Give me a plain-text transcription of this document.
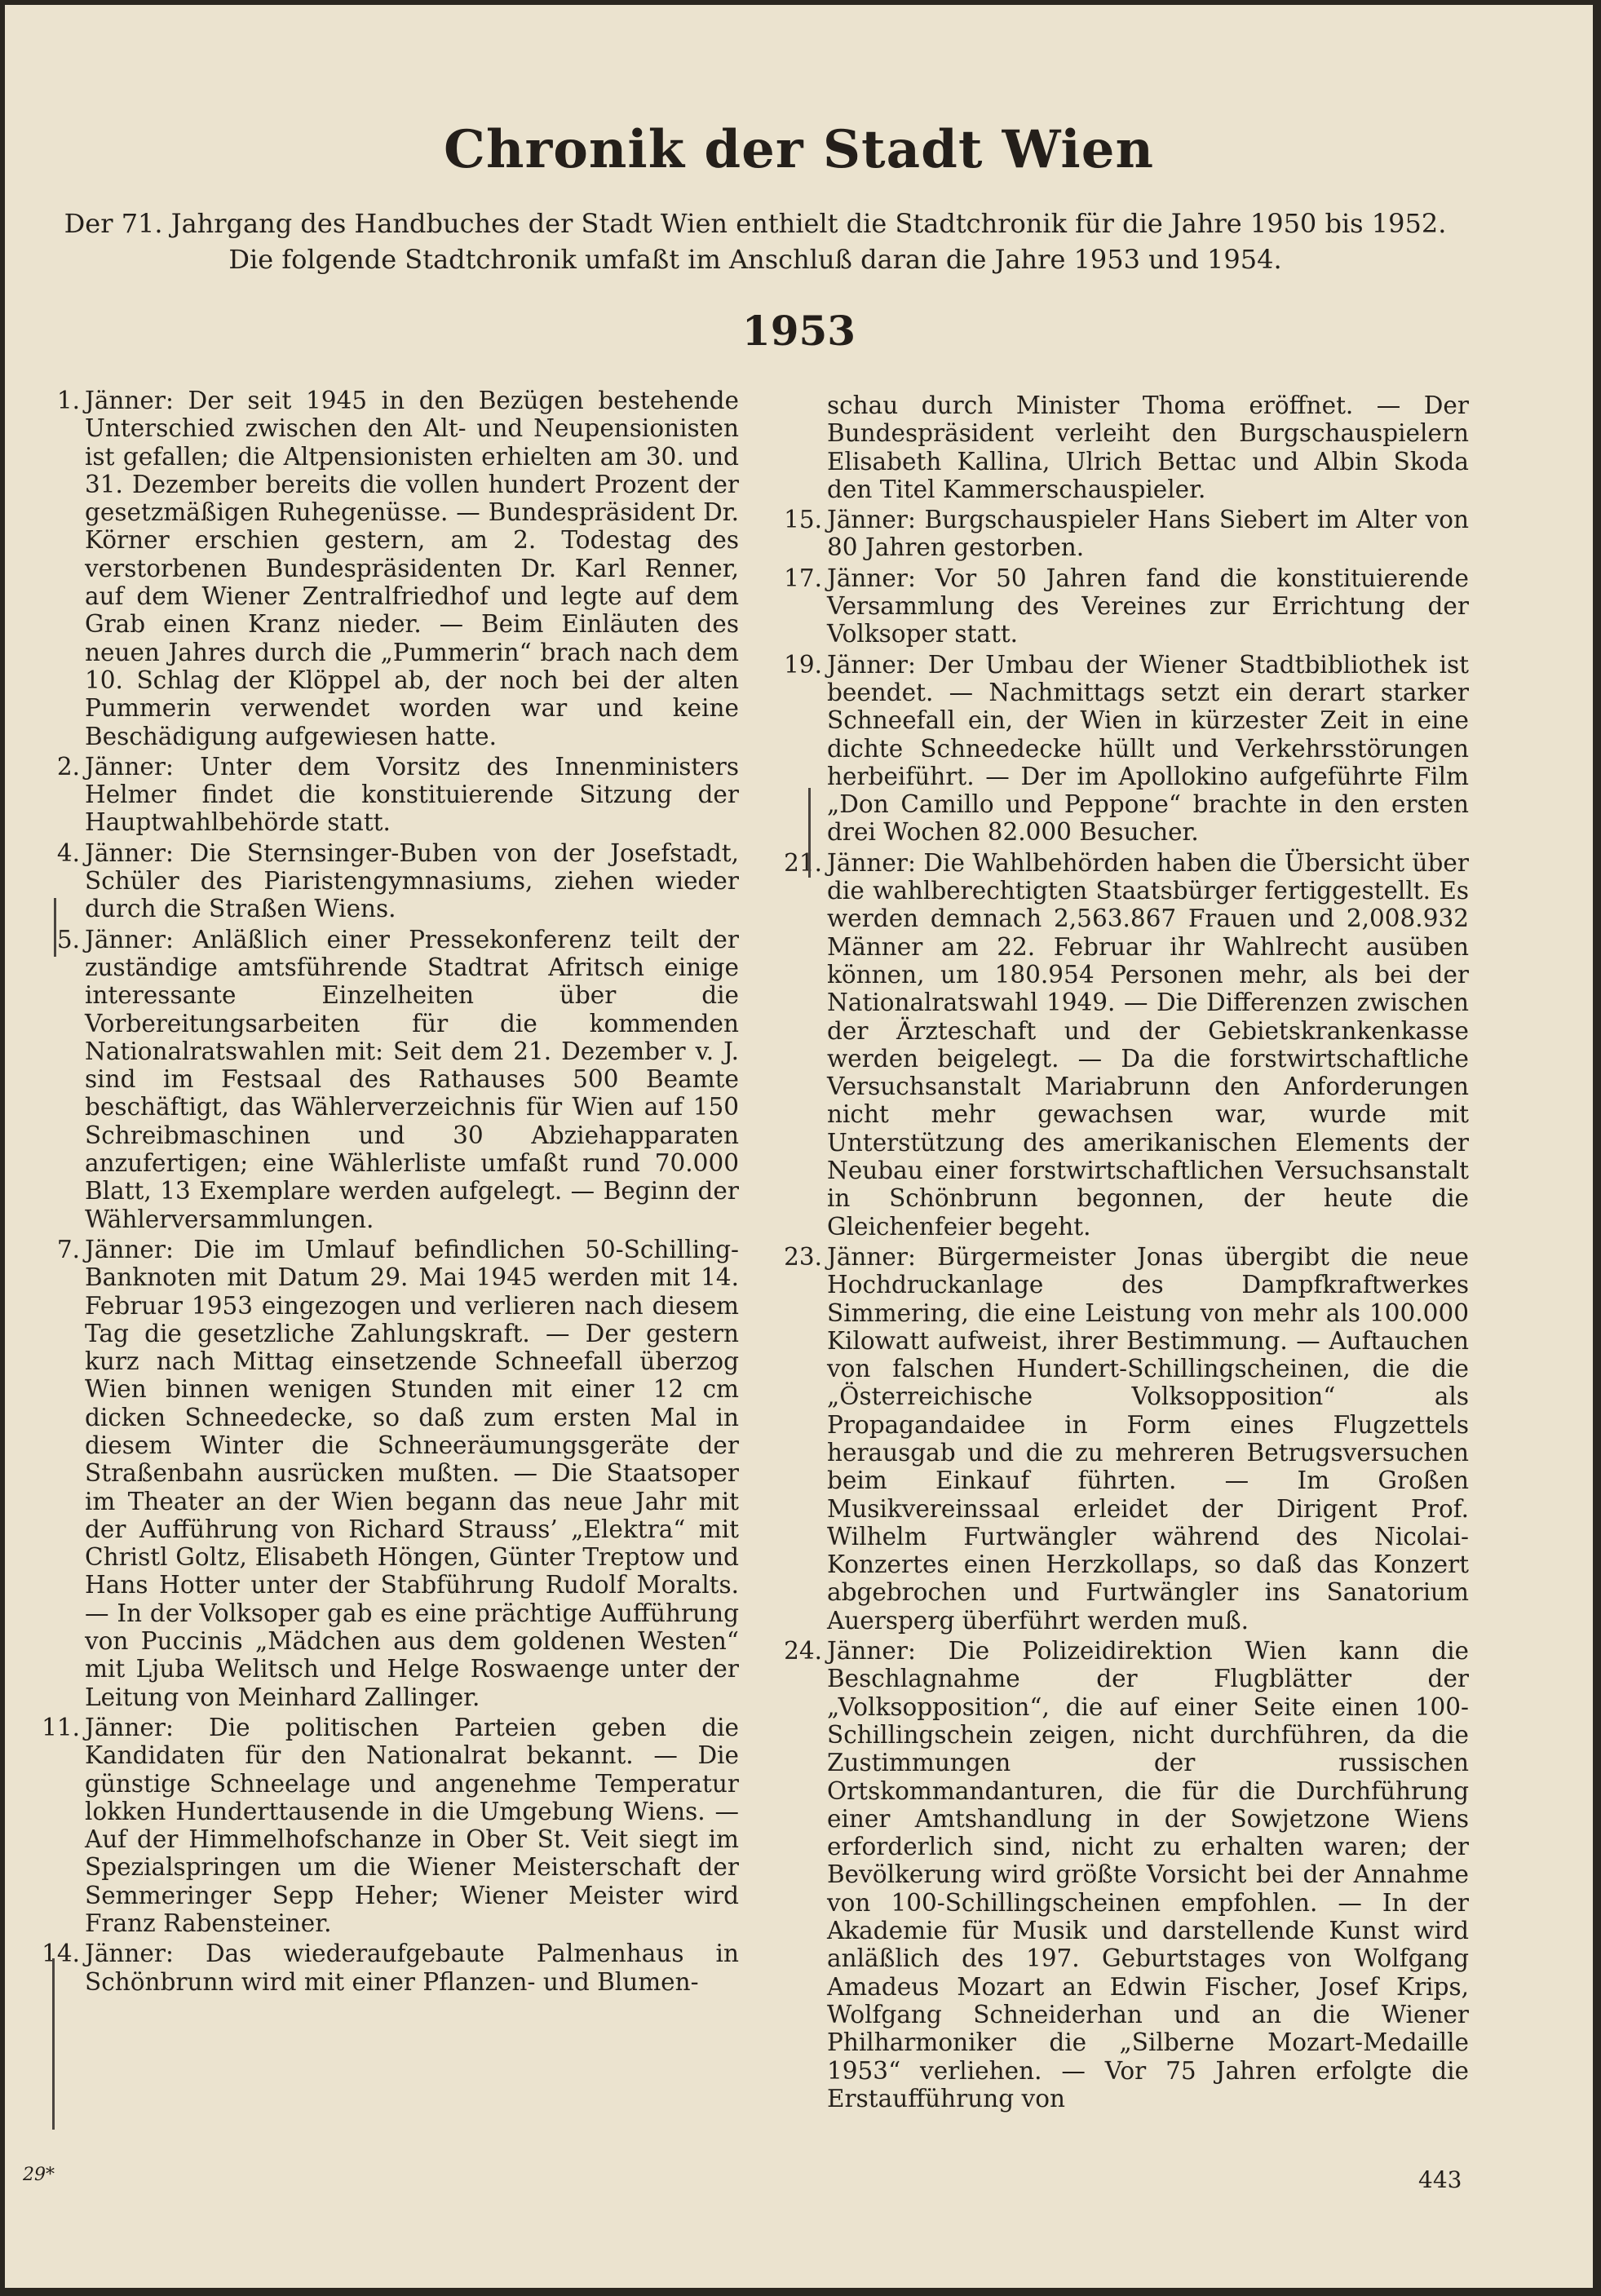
Chronik der Stadt Wien
Der 71. Jahrgang des Handbuches der Stadt Wien enthielt die Stadtchronik für die Jahre 1950 bis 1952. Die folgende Stadtchronik umfaßt im Anschluß daran die Jahre 1953 und 1954.
1953
1. Jänner: Der seit 1945 in den Bezügen bestehende Unterschied zwischen den Alt- und Neupensionisten ist gefallen; die Altpensionisten erhielten am 30. und 31. Dezember bereits die vollen hundert Prozent der gesetzmäßigen Ruhegenüsse. — Bundespräsident Dr. Körner erschien gestern, am 2. Todestag des verstorbenen Bundespräsidenten Dr. Karl Renner, auf dem Wiener Zentralfriedhof und legte auf dem Grab einen Kranz nieder. — Beim Einläuten des neuen Jahres durch die „Pummerin“ brach nach dem 10. Schlag der Klöppel ab, der noch bei der alten Pummerin verwendet worden war und keine Beschädigung aufgewiesen hatte.
2. Jänner: Unter dem Vorsitz des Innenministers Helmer findet die konstituierende Sitzung der Hauptwahlbehörde statt.
4. Jänner: Die Sternsinger-Buben von der Josefstadt, Schüler des Piaristengymnasiums, ziehen wieder durch die Straßen Wiens.
5. Jänner: Anläßlich einer Pressekonferenz teilt der zuständige amtsführende Stadtrat Afritsch einige interessante Einzelheiten über die Vorbereitungsarbeiten für die kommenden Nationalratswahlen mit: Seit dem 21. Dezember v. J. sind im Festsaal des Rathauses 500 Beamte beschäftigt, das Wählerverzeichnis für Wien auf 150 Schreibmaschinen und 30 Abziehapparaten anzufertigen; eine Wählerliste umfaßt rund 70.000 Blatt, 13 Exemplare werden aufgelegt. — Beginn der Wählerversammlungen.
7. Jänner: Die im Umlauf befindlichen 50-Schilling-Banknoten mit Datum 29. Mai 1945 werden mit 14. Februar 1953 eingezogen und verlieren nach diesem Tag die gesetzliche Zahlungskraft. — Der gestern kurz nach Mittag einsetzende Schneefall überzog Wien binnen wenigen Stunden mit einer 12 cm dicken Schneedecke, so daß zum ersten Mal in diesem Winter die Schneeräumungsgeräte der Straßenbahn ausrücken mußten. — Die Staatsoper im Theater an der Wien begann das neue Jahr mit der Aufführung von Richard Strauss’ „Elektra“ mit Christl Goltz, Elisabeth Höngen, Günter Treptow und Hans Hotter unter der Stabführung Rudolf Moralts. — In der Volksoper gab es eine prächtige Aufführung von Puccinis „Mädchen aus dem goldenen Westen“ mit Ljuba Welitsch und Helge Roswaenge unter der Leitung von Meinhard Zallinger.
11. Jänner: Die politischen Parteien geben die Kandidaten für den Nationalrat bekannt. — Die günstige Schneelage und angenehme Temperatur lokken Hunderttausende in die Umgebung Wiens. — Auf der Himmelhofschanze in Ober St. Veit siegt im Spezialspringen um die Wiener Meisterschaft der Semmeringer Sepp Heher; Wiener Meister wird Franz Rabensteiner.
14. Jänner: Das wiederaufgebaute Palmenhaus in Schönbrunn wird mit einer Pflanzen- und Blumen-
schau durch Minister Thoma eröffnet. — Der Bundespräsident verleiht den Burgschauspielern Elisabeth Kallina, Ulrich Bettac und Albin Skoda den Titel Kammerschauspieler.
15. Jänner: Burgschauspieler Hans Siebert im Alter von 80 Jahren gestorben.
17. Jänner: Vor 50 Jahren fand die konstituierende Versammlung des Vereines zur Errichtung der Volksoper statt.
19. Jänner: Der Umbau der Wiener Stadtbibliothek ist beendet. — Nachmittags setzt ein derart starker Schneefall ein, der Wien in kürzester Zeit in eine dichte Schneedecke hüllt und Verkehrsstörungen herbeiführt. — Der im Apollokino aufgeführte Film „Don Camillo und Peppone“ brachte in den ersten drei Wochen 82.000 Besucher.
21. Jänner: Die Wahlbehörden haben die Übersicht über die wahlberechtigten Staatsbürger fertiggestellt. Es werden demnach 2,563.867 Frauen und 2,008.932 Männer am 22. Februar ihr Wahlrecht ausüben können, um 180.954 Personen mehr, als bei der Nationalratswahl 1949. — Die Differenzen zwischen der Ärzteschaft und der Gebietskrankenkasse werden beigelegt. — Da die forstwirtschaftliche Versuchsanstalt Mariabrunn den Anforderungen nicht mehr gewachsen war, wurde mit Unterstützung des amerikanischen Elements der Neubau einer forstwirtschaftlichen Versuchsanstalt in Schönbrunn begonnen, der heute die Gleichenfeier begeht.
23. Jänner: Bürgermeister Jonas übergibt die neue Hochdruckanlage des Dampfkraftwerkes Simmering, die eine Leistung von mehr als 100.000 Kilowatt aufweist, ihrer Bestimmung. — Auftauchen von falschen Hundert-Schillingscheinen, die die „Österreichische Volksopposition“ als Propagandaidee in Form eines Flugzettels herausgab und die zu mehreren Betrugsversuchen beim Einkauf führten. — Im Großen Musikvereinssaal erleidet der Dirigent Prof. Wilhelm Furtwängler während des Nicolai-Konzertes einen Herzkollaps, so daß das Konzert abgebrochen und Furtwängler ins Sanatorium Auersperg überführt werden muß.
24. Jänner: Die Polizeidirektion Wien kann die Beschlagnahme der Flugblätter der „Volksopposition“, die auf einer Seite einen 100-Schillingschein zeigen, nicht durchführen, da die Zustimmungen der russischen Ortskommandanturen, die für die Durchführung einer Amtshandlung in der Sowjetzone Wiens erforderlich sind, nicht zu erhalten waren; der Bevölkerung wird größte Vorsicht bei der Annahme von 100-Schillingscheinen empfohlen. — In der Akademie für Musik und darstellende Kunst wird anläßlich des 197. Geburtstages von Wolfgang Amadeus Mozart an Edwin Fischer, Josef Krips, Wolfgang Schneiderhan und an die Wiener Philharmoniker die „Silberne Mozart-Medaille 1953“ verliehen. — Vor 75 Jahren erfolgte die Erstaufführung von
29*	443
